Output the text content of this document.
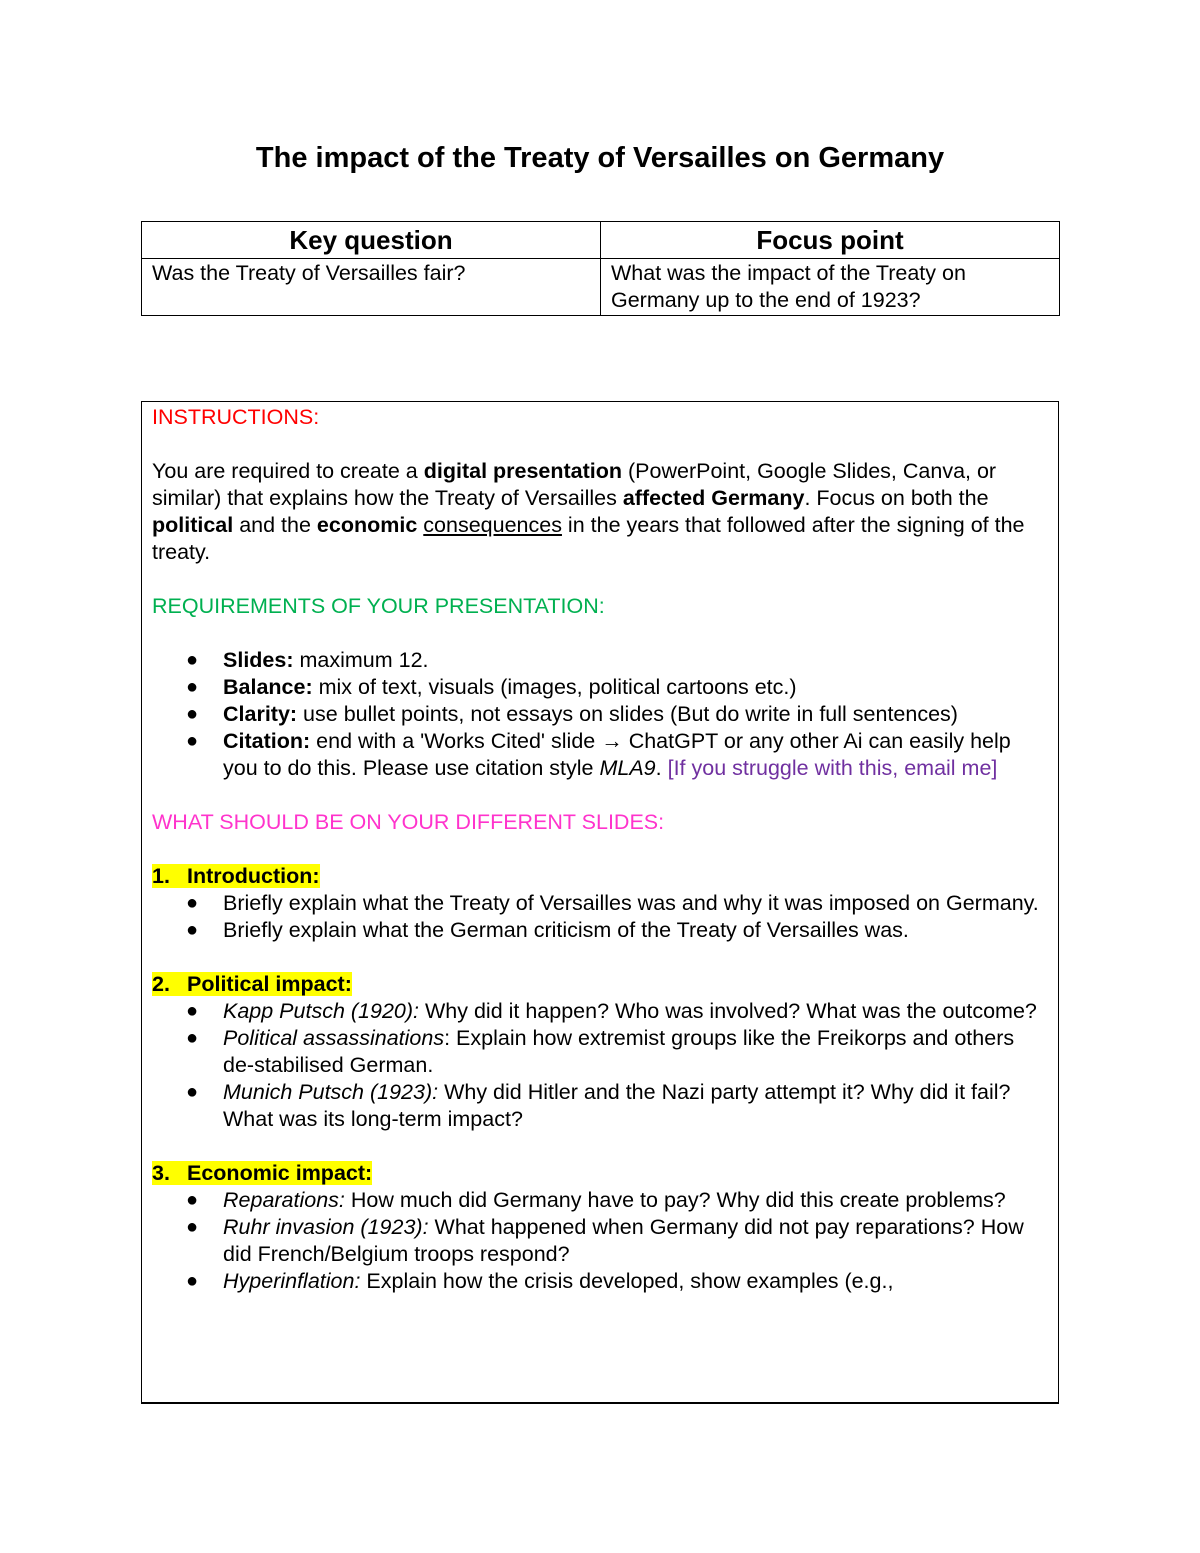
The impact of the Treaty of Versailles on Germany
Key question	Focus point
Was the Treaty of Versailles fair?	What was the impact of the Treaty on Germany up to the end of 1923?

INSTRUCTIONS:

You are required to create a digital presentation (PowerPoint, Google Slides, Canva, or similar) that explains how the Treaty of Versailles affected Germany. Focus on both the political and the economic consequences in the years that followed after the signing of the treaty.

REQUIREMENTS OF YOUR PRESENTATION:

● Slides: maximum 12.
● Balance: mix of text, visuals (images, political cartoons etc.)
● Clarity: use bullet points, not essays on slides (But do write in full sentences)
● Citation: end with a 'Works Cited' slide → ChatGPT or any other Ai can easily help you to do this. Please use citation style MLA9. [If you struggle with this, email me]

WHAT SHOULD BE ON YOUR DIFFERENT SLIDES:

1. Introduction:

● Briefly explain what the Treaty of Versailles was and why it was imposed on Germany.
● Briefly explain what the German criticism of the Treaty of Versailles was.

2. Political impact:

● Kapp Putsch (1920): Why did it happen? Who was involved? What was the outcome?
● Political assassinations: Explain how extremist groups like the Freikorps and others de-stabilised German.
● Munich Putsch (1923): Why did Hitler and the Nazi party attempt it? Why did it fail? What was its long-term impact?

3. Economic impact:

● Reparations: How much did Germany have to pay? Why did this create problems?
● Ruhr invasion (1923): What happened when Germany did not pay reparations? How did French/Belgium troops respond?
● Hyperinflation: Explain how the crisis developed, show examples (e.g.,
